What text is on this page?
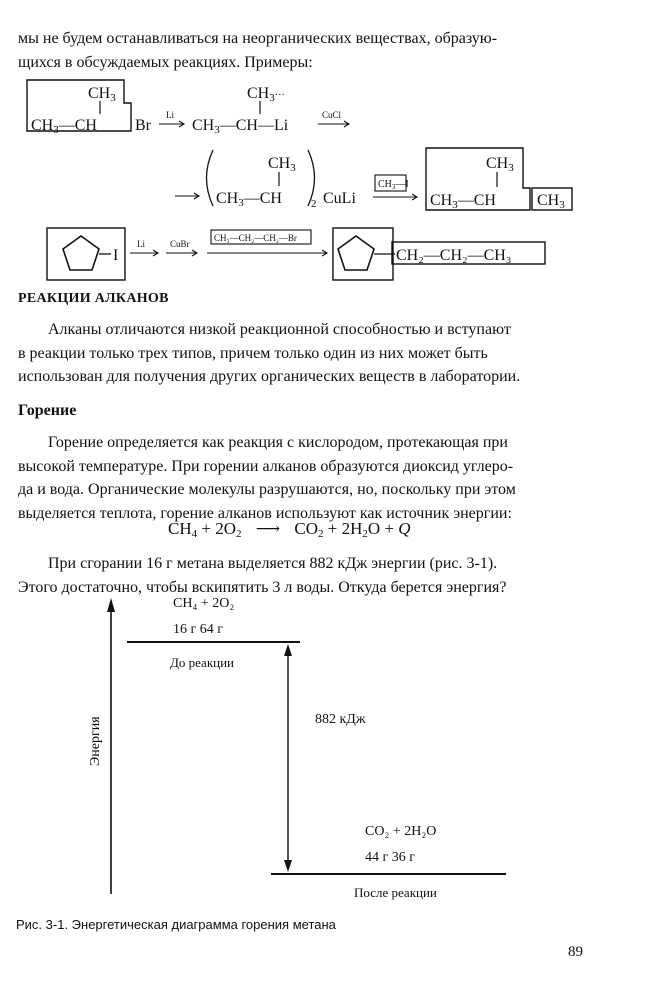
мы не будем останавливаться на неорганических веществах, образую-
щихся в обсуждаемых реакциях. Примеры:
CH3
CH3—CH Br
Li
CH3···
CH3—CH—Li
CuCl
CH3
CH3—CH	2 CuLi
$CH_3—I$
CH3
CH3—CH	CH3
I
Li	CuBr
CH₃—CH₂—CH₂—Br
CH₂—CH₂—CH₃
РЕАКЦИИ АЛКАНОВ
Алканы отличаются низкой реакционной способностью и вступают
в реакции только трех типов, причем только один из них может быть
использован для получения других органических веществ в лаборатории.
Горение
Горение определяется как реакция с кислородом, протекающая при
высокой температуре. При горении алканов образуются диоксид углеро-
да и вода. Органические молекулы разрушаются, но, поскольку при этом
выделяется теплота, горение алканов используют как источник энергии:
$CH_4 + 2O_2$ ⟶ $CO_2 + 2H_2O + Q$
При сгорании 16 г метана выделяется 882 кДж энергии (рис. 3-1).
Этого достаточно, чтобы вскипятить 3 л воды. Откуда берется энергия?
Энергия
CH₄ + 2O₂
16 г 64 г
До реакции
882 кДж
CO₂ + 2H₂O
44 г 36 г
После реакции
Рис. 3-1. Энергетическая диаграмма горения метана
89
